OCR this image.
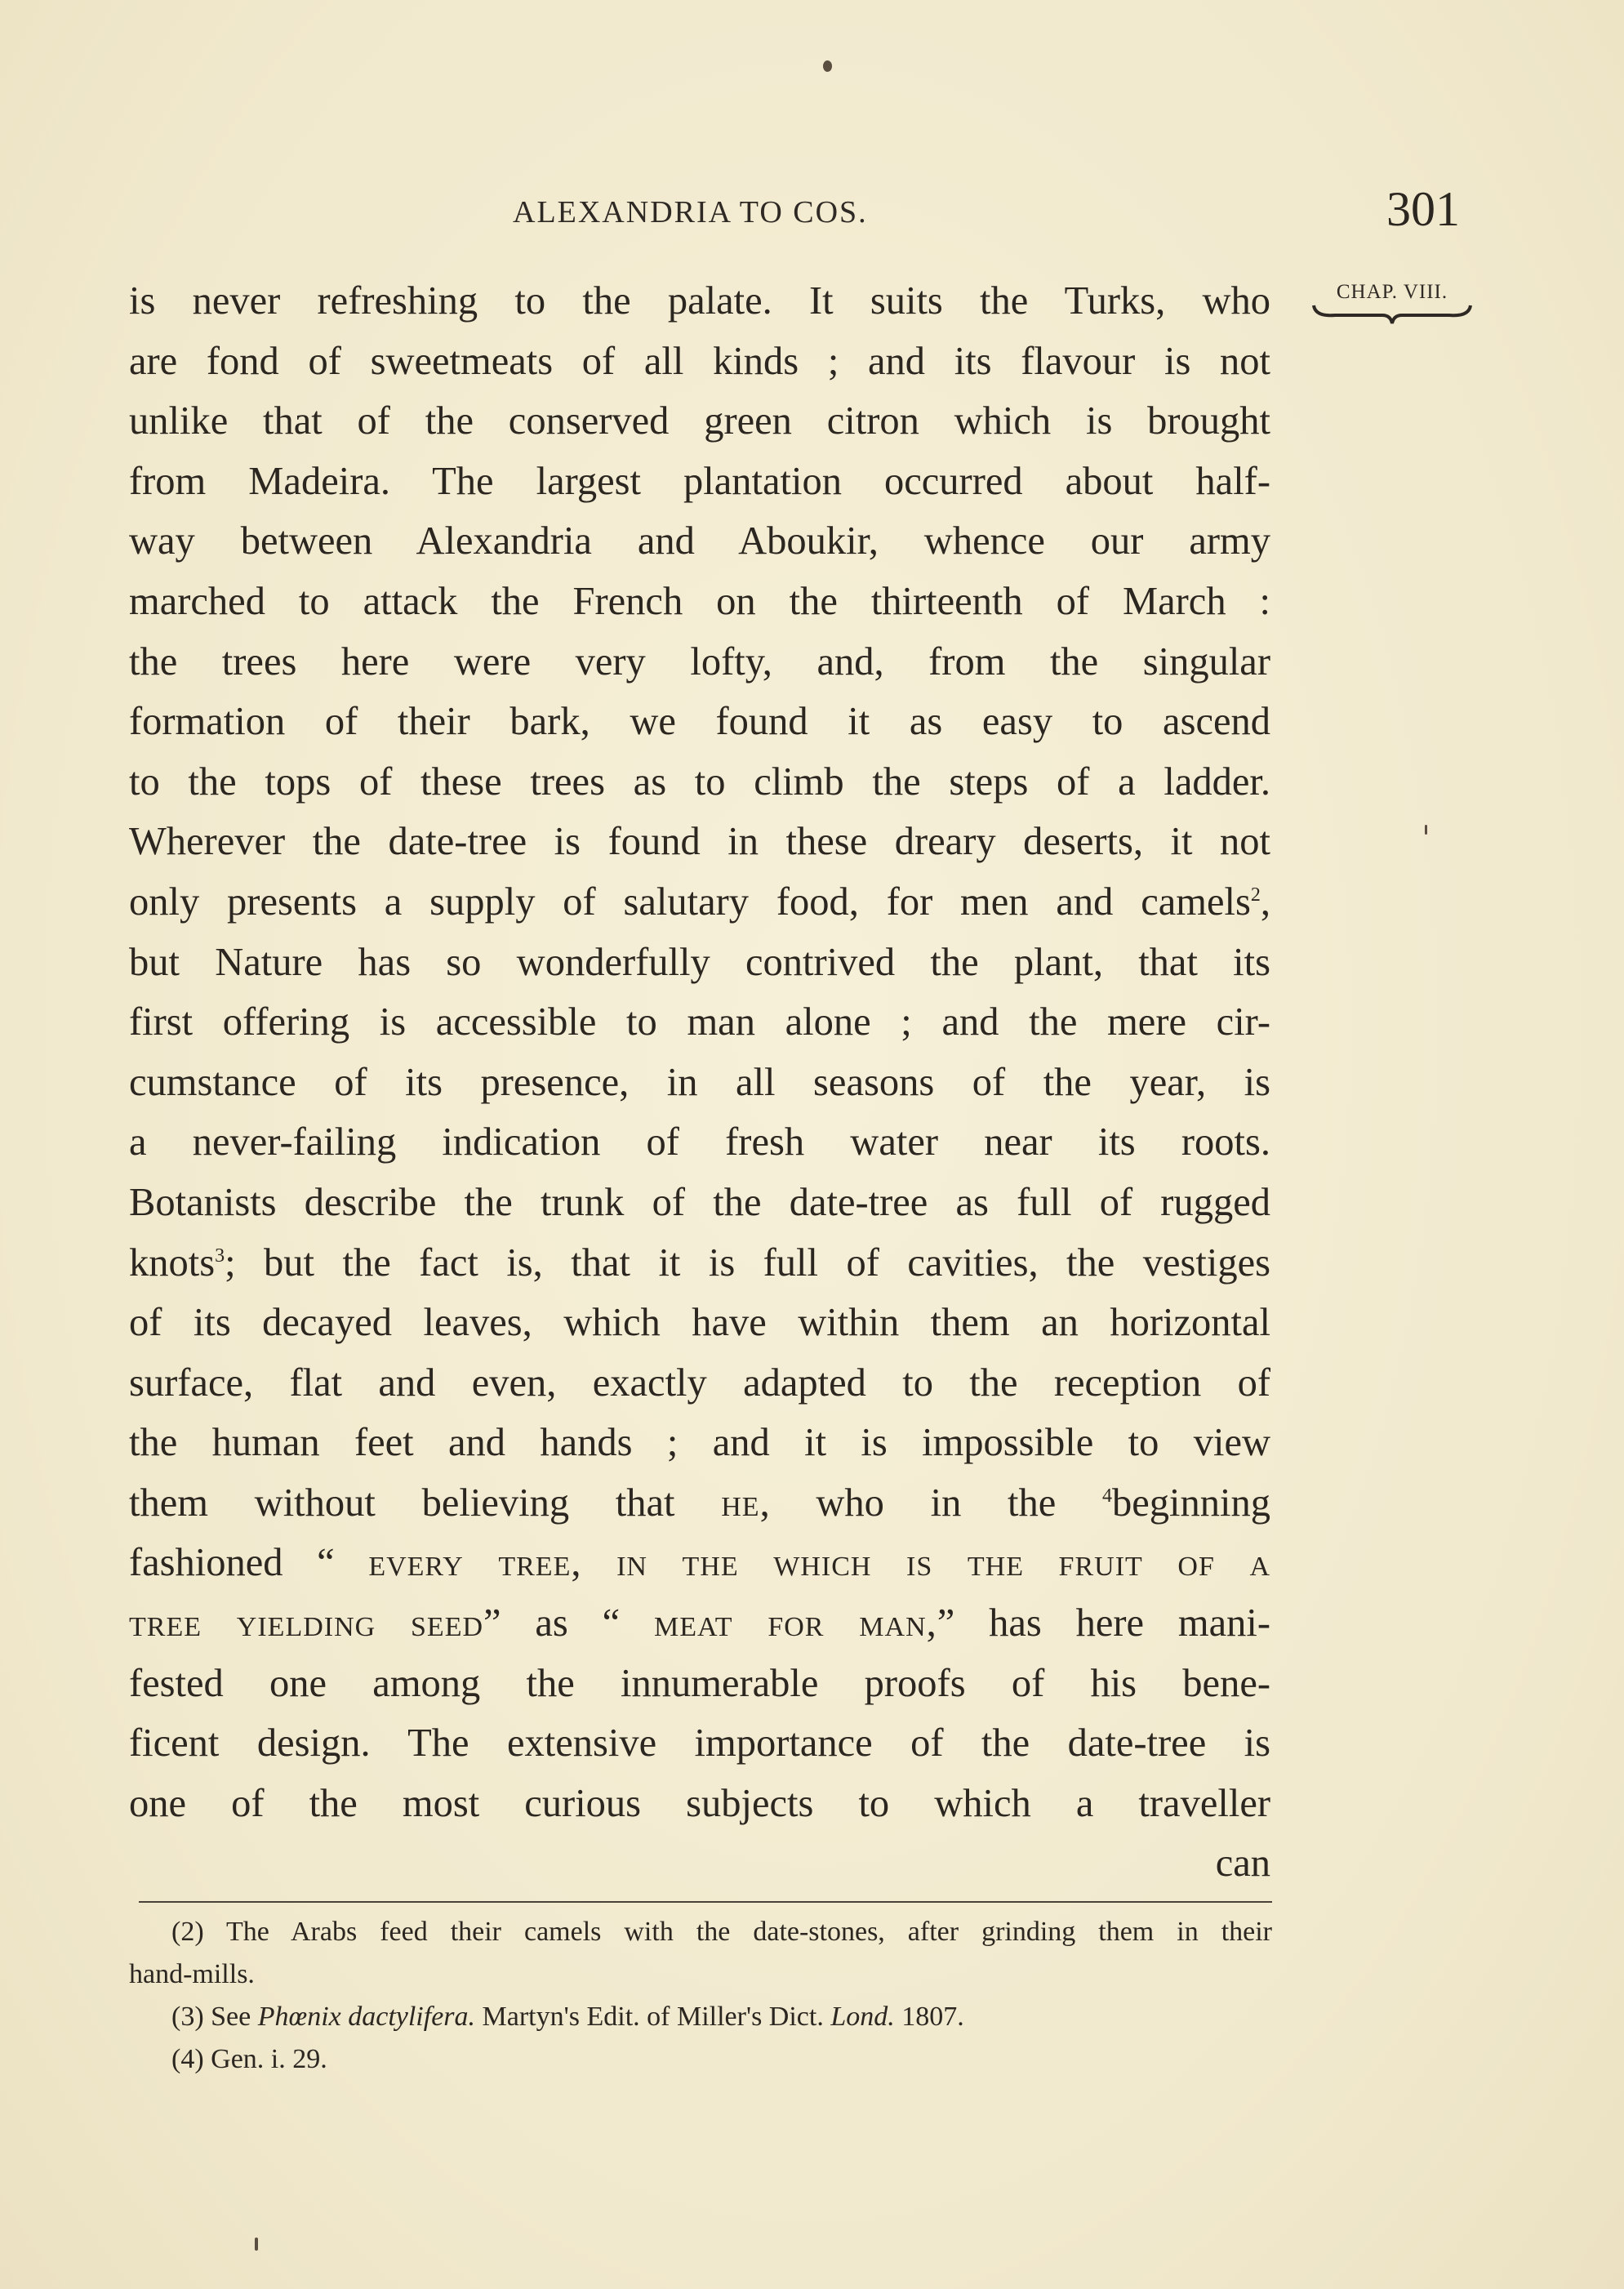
ALEXANDRIA TO COS.	301
CHAP. VIII.
is never refreshing to the palate. It suits the Turks, who
are fond of sweetmeats of all kinds ; and its flavour is not
unlike that of the conserved green citron which is brought
from Madeira. The largest plantation occurred about half-
way between Alexandria and Aboukir, whence our army
marched to attack the French on the thirteenth of March :
the trees here were very lofty, and, from the singular
formation of their bark, we found it as easy to ascend
to the tops of these trees as to climb the steps of a ladder.
Wherever the date-tree is found in these dreary deserts, it not
only presents a supply of salutary food, for men and camels$^2$,
but Nature has so wonderfully contrived the plant, that its
first offering is accessible to man alone ; and the mere cir-
cumstance of its presence, in all seasons of the year, is
a never-failing indication of fresh water near its roots.
Botanists describe the trunk of the date-tree as full of rugged
knots$^3$; but the fact is, that it is full of cavities, the vestiges
of its decayed leaves, which have within them an horizontal
surface, flat and even, exactly adapted to the reception of
the human feet and hands ; and it is impossible to view
them without believing that he, who in the $^4$beginning
fashioned “ every tree, in the which is the fruit of a
tree yielding seed” as “ meat for man,” has here mani-
fested one among the innumerable proofs of his bene-
ficent design. The extensive importance of the date-tree is
one of the most curious subjects to which a traveller
can
(2) The Arabs feed their camels with the date-stones, after grinding them in their
hand-mills.
(3) See Phœnix dactylifera. Martyn's Edit. of Miller's Dict. Lond. 1807.
(4) Gen. i. 29.
